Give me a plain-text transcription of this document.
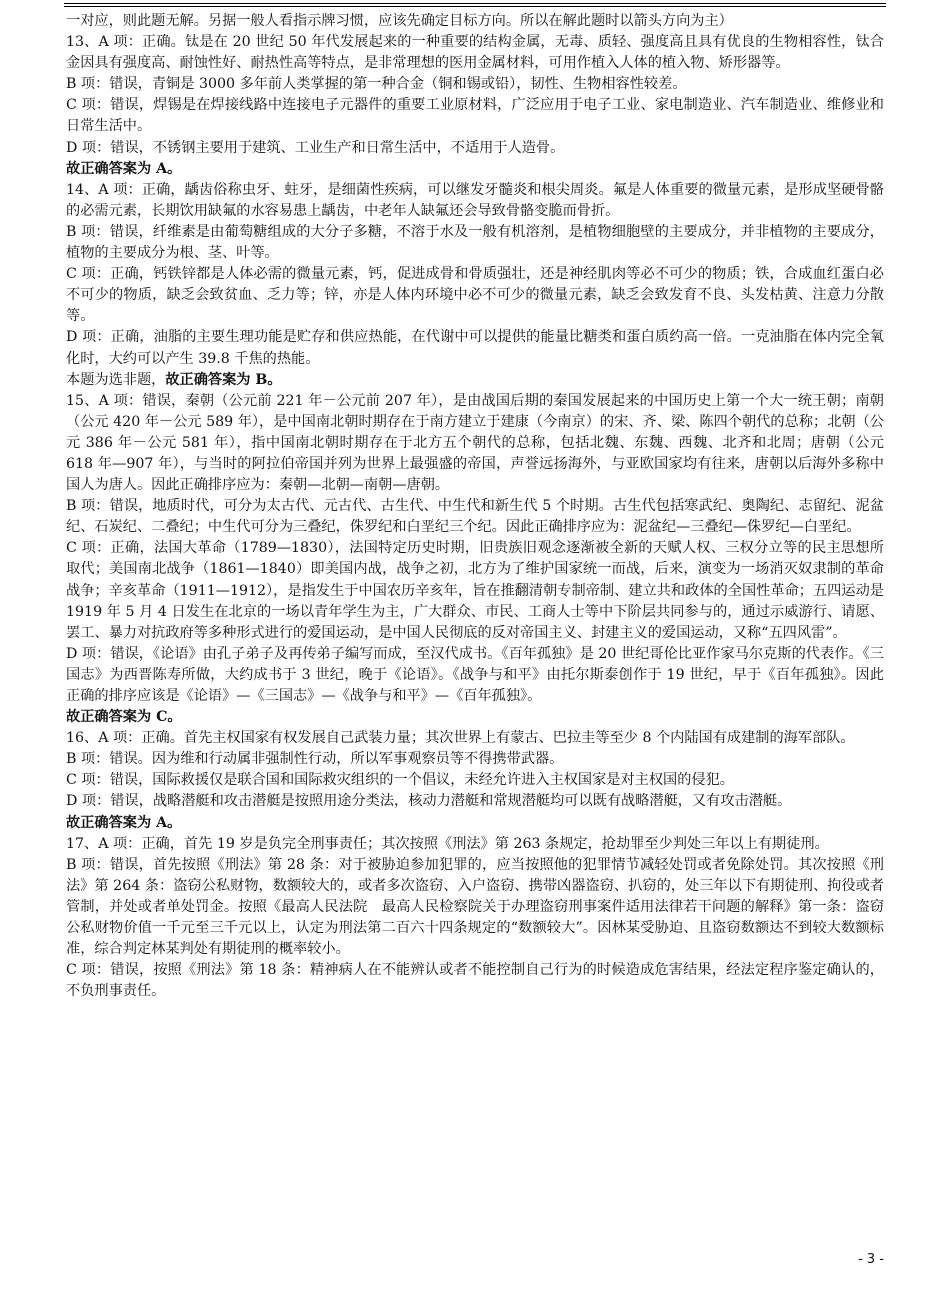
一对应，则此题无解。另据一般人看指示牌习惯，应该先确定目标方向。所以在解此题时以箭头方向为主）

13、A 项：正确。钛是在 20 世纪 50 年代发展起来的一种重要的结构金属，无毒、质轻、强度高且具有优良的生物相容性，钛合金因具有强度高、耐蚀性好、耐热性高等特点，是非常理想的医用金属材料，可用作植入人体的植入物、矫形器等。

B 项：错误，青铜是 3000 多年前人类掌握的第一种合金（铜和锡或铅），韧性、生物相容性较差。

C 项：错误，焊锡是在焊接线路中连接电子元器件的重要工业原材料，广泛应用于电子工业、家电制造业、汽车制造业、维修业和日常生活中。

D 项：错误，不锈钢主要用于建筑、工业生产和日常生活中，不适用于人造骨。

故正确答案为 A。

14、A 项：正确，龋齿俗称虫牙、蛀牙，是细菌性疾病，可以继发牙髓炎和根尖周炎。氟是人体重要的微量元素，是形成坚硬骨骼的必需元素，长期饮用缺氟的水容易患上龋齿，中老年人缺氟还会导致骨骼变脆而骨折。

B 项：错误，纤维素是由葡萄糖组成的大分子多糖，不溶于水及一般有机溶剂，是植物细胞壁的主要成分，并非植物的主要成分，植物的主要成分为根、茎、叶等。

C 项：正确，钙铁锌都是人体必需的微量元素，钙，促进成骨和骨质强壮，还是神经肌肉等必不可少的物质；铁，合成血红蛋白必不可少的物质，缺乏会致贫血、乏力等；锌，亦是人体内环境中必不可少的微量元素，缺乏会致发育不良、头发枯黄、注意力分散等。

D 项：正确，油脂的主要生理功能是贮存和供应热能，在代谢中可以提供的能量比糖类和蛋白质约高一倍。一克油脂在体内完全氧化时，大约可以产生 39.8 千焦的热能。

本题为选非题，故正确答案为 B。

15、A 项：错误，秦朝（公元前 221 年－公元前 207 年），是由战国后期的秦国发展起来的中国历史上第一个大一统王朝；南朝（公元 420 年－公元 589 年），是中国南北朝时期存在于南方建立于建康（今南京）的宋、齐、梁、陈四个朝代的总称；北朝（公元 386 年－公元 581 年），指中国南北朝时期存在于北方五个朝代的总称，包括北魏、东魏、西魏、北齐和北周；唐朝（公元 618 年—907 年），与当时的阿拉伯帝国并列为世界上最强盛的帝国，声誉远扬海外，与亚欧国家均有往来，唐朝以后海外多称中国人为唐人。因此正确排序应为：秦朝—北朝—南朝—唐朝。

B 项：错误，地质时代，可分为太古代、元古代、古生代、中生代和新生代 5 个时期。古生代包括寒武纪、奥陶纪、志留纪、泥盆纪、石炭纪、二叠纪；中生代可分为三叠纪，侏罗纪和白垩纪三个纪。因此正确排序应为：泥盆纪—三叠纪—侏罗纪—白垩纪。

C 项：正确，法国大革命（1789—1830），法国特定历史时期，旧贵族旧观念逐渐被全新的天赋人权、三权分立等的民主思想所取代；美国南北战争（1861—1840）即美国内战，战争之初，北方为了维护国家统一而战，后来，演变为一场消灭奴隶制的革命战争；辛亥革命（1911—1912），是指发生于中国农历辛亥年，旨在推翻清朝专制帝制、建立共和政体的全国性革命；五四运动是 1919 年 5 月 4 日发生在北京的一场以青年学生为主，广大群众、市民、工商人士等中下阶层共同参与的，通过示威游行、请愿、罢工、暴力对抗政府等多种形式进行的爱国运动，是中国人民彻底的反对帝国主义、封建主义的爱国运动，又称“五四风雷”。

D 项：错误，《论语》由孔子弟子及再传弟子编写而成，至汉代成书。《百年孤独》是 20 世纪哥伦比亚作家马尔克斯的代表作。《三国志》为西晋陈寿所做，大约成书于 3 世纪，晚于《论语》。《战争与和平》由托尔斯泰创作于 19 世纪，早于《百年孤独》。因此正确的排序应该是《论语》—《三国志》—《战争与和平》—《百年孤独》。

故正确答案为 C。

16、A 项：正确。首先主权国家有权发展自己武装力量；其次世界上有蒙古、巴拉圭等至少 8 个内陆国有成建制的海军部队。

B 项：错误。因为维和行动属非强制性行动，所以军事观察员等不得携带武器。

C 项：错误，国际救援仅是联合国和国际救灾组织的一个倡议，未经允许进入主权国家是对主权国的侵犯。

D 项：错误，战略潜艇和攻击潜艇是按照用途分类法，核动力潜艇和常规潜艇均可以既有战略潜艇，又有攻击潜艇。

故正确答案为 A。

17、A 项：正确，首先 19 岁是负完全刑事责任；其次按照《刑法》第 263 条规定，抢劫罪至少判处三年以上有期徒刑。

B 项：错误，首先按照《刑法》第 28 条：对于被胁迫参加犯罪的，应当按照他的犯罪情节减轻处罚或者免除处罚。其次按照《刑法》第 264 条：盗窃公私财物，数额较大的，或者多次盗窃、入户盗窃、携带凶器盗窃、扒窃的，处三年以下有期徒刑、拘役或者管制，并处或者单处罚金。按照《最高人民法院　最高人民检察院关于办理盗窃刑事案件适用法律若干问题的解释》第一条：盗窃公私财物价值一千元至三千元以上，认定为刑法第二百六十四条规定的“数额较大”。因林某受胁迫、且盗窃数额达不到较大数额标准，综合判定林某判处有期徒刑的概率较小。

C 项：错误，按照《刑法》第 18 条：精神病人在不能辨认或者不能控制自己行为的时候造成危害结果，经法定程序鉴定确认的，不负刑事责任。

- 3 -
